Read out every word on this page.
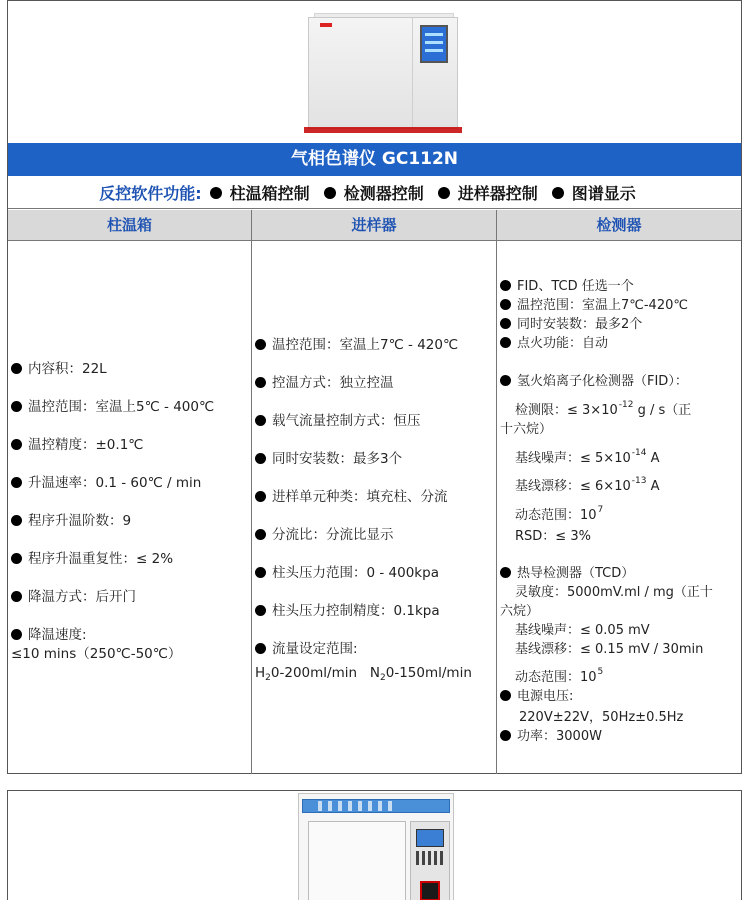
气相色谱仪 GC112N
反控软件功能: 柱温箱控制 检测器控制 进样器控制 图谱显示
柱温箱	进样器	检测器
内容积：22L
温控范围：室温上5℃ - 400℃
温控精度：±0.1℃
升温速率：0.1 - 60℃ / min
程序升温阶数：9
程序升温重复性：≤ 2%
降温方式：后开门
降温速度:
≤10 mins（250℃-50℃）
温控范围：室温上7℃ - 420℃
控温方式：独立控温
载气流量控制方式：恒压
同时安装数：最多3个
进样单元种类：填充柱、分流
分流比：分流比显示
柱头压力范围：0 - 400kpa
柱头压力控制精度：0.1kpa
流量设定范围:
$H_20-200ml/\min$ $N_20-150ml/\min$
FID、TCD 任选一个
温控范围：室温上7℃-420℃
同时安装数：最多2个
点火功能：自动
氢火焰离子化检测器（FID）：
检测限：≤ $3\times 10^{-12}$ g / s（正
十六烷）
基线噪声：≤ $5\times 10^{-14}$ A
基线漂移：≤ $6\times 10^{-13}$ A
动态范围：$10^7$
RSD：≤ 3%
热导检测器（TCD）
灵敏度：5000mV.ml / mg（正十
六烷）
基线噪声：≤ 0.05 mV
基线漂移：≤ 0.15 mV / 30min
动态范围：$10^5$
电源电压:
220V±22V，50Hz±0.5Hz
功率：3000W
